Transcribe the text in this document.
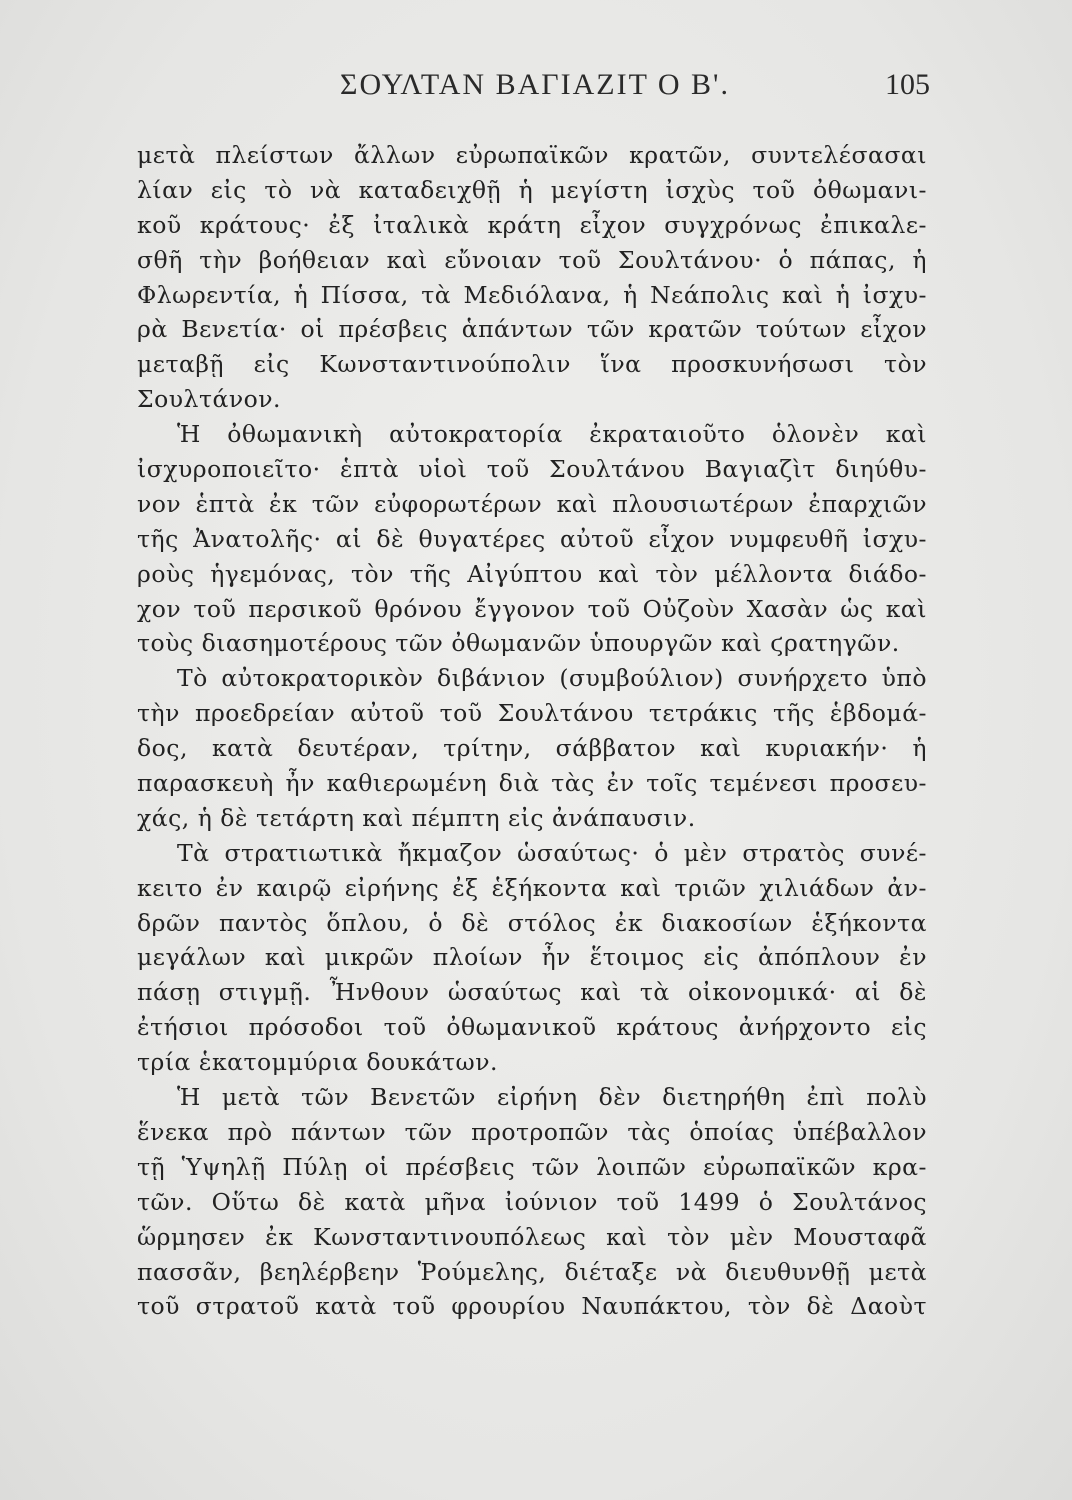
ΣΟΥΛΤΑΝ ΒΑΓΙΑΖΙΤ Ο Β'.	105
μετὰ πλείστων ἄλλων εὐρωπαϊκῶν κρατῶν, συντελέσασαι
λίαν εἰς τὸ νὰ καταδειχθῇ ἡ μεγίστη ἰσχὺς τοῦ ὀθωμανι-
κοῦ κράτους· ἐξ ἰταλικὰ κράτη εἶχον συγχρόνως ἐπικαλε-
σθῆ τὴν βοήθειαν καὶ εὔνοιαν τοῦ Σουλτάνου· ὁ πάπας, ἡ
Φλωρεντία, ἡ Πίσσα, τὰ Μεδιόλανα, ἡ Νεάπολις καὶ ἡ ἰσχυ-
ρὰ Βενετία· οἱ πρέσβεις ἁπάντων τῶν κρατῶν τούτων εἶχον
μεταβῇ εἰς Κωνσταντινούπολιν ἵνα προσκυνήσωσι τὸν
Σουλτάνον.
Ἡ ὀθωμανικὴ αὐτοκρατορία ἐκραταιοῦτο ὁλονὲν καὶ
ἰσχυροποιεῖτο· ἑπτὰ υἱοὶ τοῦ Σουλτάνου Βαγιαζὶτ διηύθυ-
νον ἑπτὰ ἐκ τῶν εὐφορωτέρων καὶ πλουσιωτέρων ἐπαρχιῶν
τῆς Ἀνατολῆς· αἱ δὲ θυγατέρες αὐτοῦ εἶχον νυμφευθῆ ἰσχυ-
ροὺς ἡγεμόνας, τὸν τῆς Αἰγύπτου καὶ τὸν μέλλοντα διάδο-
χον τοῦ περσικοῦ θρόνου ἔγγονον τοῦ Οὐζοὺν Χασὰν ὡς καὶ
τοὺς διασημοτέρους τῶν ὀθωμανῶν ὑπουργῶν καὶ ϛρατηγῶν.
Τὸ αὐτοκρατορικὸν διβάνιον (συμβούλιον) συνήρχετο ὑπὸ
τὴν προεδρείαν αὐτοῦ τοῦ Σουλτάνου τετράκις τῆς ἑβδομά-
δος, κατὰ δευτέραν, τρίτην, σάββατον καὶ κυριακήν· ἡ
παρασκευὴ ἦν καθιερωμένη διὰ τὰς ἐν τοῖς τεμένεσι προσευ-
χάς, ἡ δὲ τετάρτη καὶ πέμπτη εἰς ἀνάπαυσιν.
Τὰ στρατιωτικὰ ἤκμαζον ὡσαύτως· ὁ μὲν στρατὸς συνέ-
κειτο ἐν καιρῷ εἰρήνης ἐξ ἑξήκοντα καὶ τριῶν χιλιάδων ἀν-
δρῶν παντὸς ὅπλου, ὁ δὲ στόλος ἐκ διακοσίων ἑξήκοντα
μεγάλων καὶ μικρῶν πλοίων ἦν ἕτοιμος εἰς ἀπόπλουν ἐν
πάσῃ στιγμῇ. Ἦνθουν ὡσαύτως καὶ τὰ οἰκονομικά· αἱ δὲ
ἐτήσιοι πρόσοδοι τοῦ ὀθωμανικοῦ κράτους ἀνήρχοντο εἰς
τρία ἑκατομμύρια δουκάτων.
Ἡ μετὰ τῶν Βενετῶν εἰρήνη δὲν διετηρήθη ἐπὶ πολὺ
ἕνεκα πρὸ πάντων τῶν προτροπῶν τὰς ὁποίας ὑπέβαλλον
τῇ Ὑψηλῇ Πύλῃ οἱ πρέσβεις τῶν λοιπῶν εὐρωπαϊκῶν κρα-
τῶν. Οὕτω δὲ κατὰ μῆνα ἰούνιον τοῦ 1499 ὁ Σουλτάνος
ὥρμησεν ἐκ Κωνσταντινουπόλεως καὶ τὸν μὲν Μουσταφᾶ
πασσᾶν, βεηλέρβεην Ῥούμελης, διέταξε νὰ διευθυνθῇ μετὰ
τοῦ στρατοῦ κατὰ τοῦ φρουρίου Ναυπάκτου, τὸν δὲ Δαοὺτ
